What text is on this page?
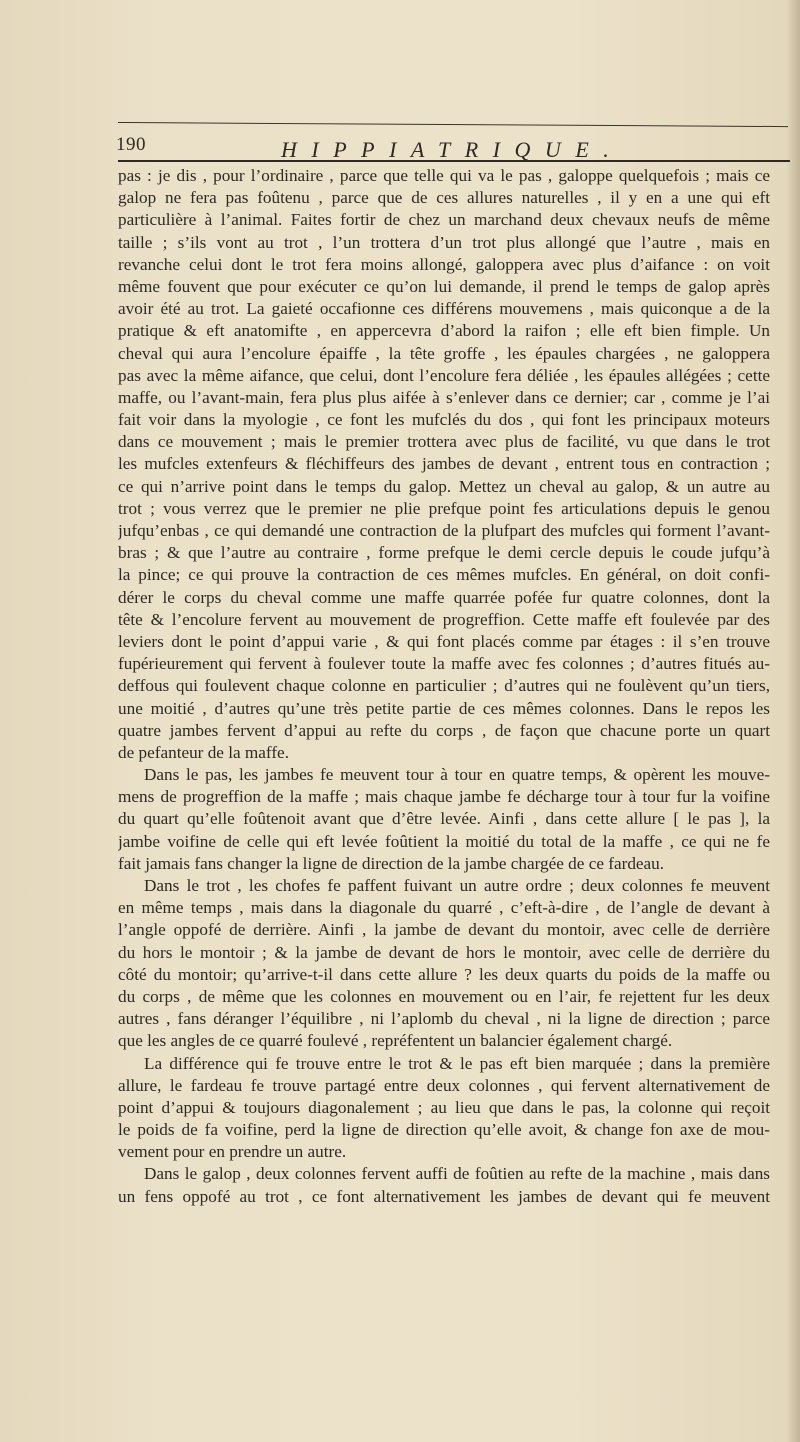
190	HIPPIATRIQUE.
pas : je dis , pour l’ordinaire , parce que telle qui va le pas , galoppe quelquefois ; mais ce
galop ne fera pas foûtenu , parce que de ces allures naturelles , il y en a une qui eft
particulière à l’animal. Faites fortir de chez un marchand deux chevaux neufs de même
taille ; s’ils vont au trot , l’un trottera d’un trot plus allongé que l’autre , mais en
revanche celui dont le trot fera moins allongé, galoppera avec plus d’aifance : on voit
même fouvent que pour exécuter ce qu’on lui demande, il prend le temps de galop après
avoir été au trot. La gaieté occafionne ces différens mouvemens , mais quiconque a de la
pratique & eft anatomifte , en appercevra d’abord la raifon ; elle eft bien fimple. Un
cheval qui aura l’encolure épaiffe , la tête groffe , les épaules chargées , ne galoppera
pas avec la même aifance, que celui, dont l’encolure fera déliée , les épaules allégées ; cette
maffe, ou l’avant-main, fera plus plus aifée à s’enlever dans ce dernier; car , comme je l’ai
fait voir dans la myologie , ce font les mufclés du dos , qui font les principaux moteurs
dans ce mouvement ; mais le premier trottera avec plus de facilité, vu que dans le trot
les mufcles extenfeurs & fléchiffeurs des jambes de devant , entrent tous en contraction ;
ce qui n’arrive point dans le temps du galop. Mettez un cheval au galop, & un autre au
trot ; vous verrez que le premier ne plie prefque point fes articulations depuis le genou
jufqu’enbas , ce qui demandé une contraction de la plufpart des mufcles qui forment l’avant-
bras ; & que l’autre au contraire , forme prefque le demi cercle depuis le coude jufqu’à
la pince; ce qui prouve la contraction de ces mêmes mufcles. En général, on doit confi-
dérer le corps du cheval comme une maffe quarrée pofée fur quatre colonnes, dont la
tête & l’encolure fervent au mouvement de progreffion. Cette maffe eft foulevée par des
leviers dont le point d’appui varie , & qui font placés comme par étages : il s’en trouve
fupérieurement qui fervent à foulever toute la maffe avec fes colonnes ; d’autres fitués au-
deffous qui foulevent chaque colonne en particulier ; d’autres qui ne foulèvent qu’un tiers,
une moitié , d’autres qu’une très petite partie de ces mêmes colonnes. Dans le repos les
quatre jambes fervent d’appui au refte du corps , de façon que chacune porte un quart
de pefanteur de la maffe.
Dans le pas, les jambes fe meuvent tour à tour en quatre temps, & opèrent les mouve-
mens de progreffion de la maffe ; mais chaque jambe fe décharge tour à tour fur la voifine
du quart qu’elle foûtenoit avant que d’être levée. Ainfi , dans cette allure [ le pas ], la
jambe voifine de celle qui eft levée foûtient la moitié du total de la maffe , ce qui ne fe
fait jamais fans changer la ligne de direction de la jambe chargée de ce fardeau.
Dans le trot , les chofes fe paffent fuivant un autre ordre ; deux colonnes fe meuvent
en même temps , mais dans la diagonale du quarré , c’eft-à-dire , de l’angle de devant à
l’angle oppofé de derrière. Ainfi , la jambe de devant du montoir, avec celle de derrière
du hors le montoir ; & la jambe de devant de hors le montoir, avec celle de derrière du
côté du montoir; qu’arrive-t-il dans cette allure ? les deux quarts du poids de la maffe ou
du corps , de même que les colonnes en mouvement ou en l’air, fe rejettent fur les deux
autres , fans déranger l’équilibre , ni l’aplomb du cheval , ni la ligne de direction ; parce
que les angles de ce quarré foulevé , repréfentent un balancier également chargé.
La différence qui fe trouve entre le trot & le pas eft bien marquée ; dans la première
allure, le fardeau fe trouve partagé entre deux colonnes , qui fervent alternativement de
point d’appui & toujours diagonalement ; au lieu que dans le pas, la colonne qui reçoit
le poids de fa voifine, perd la ligne de direction qu’elle avoit, & change fon axe de mou-
vement pour en prendre un autre.
Dans le galop , deux colonnes fervent auffi de foûtien au refte de la machine , mais dans
un fens oppofé au trot , ce font alternativement les jambes de devant qui fe meuvent
